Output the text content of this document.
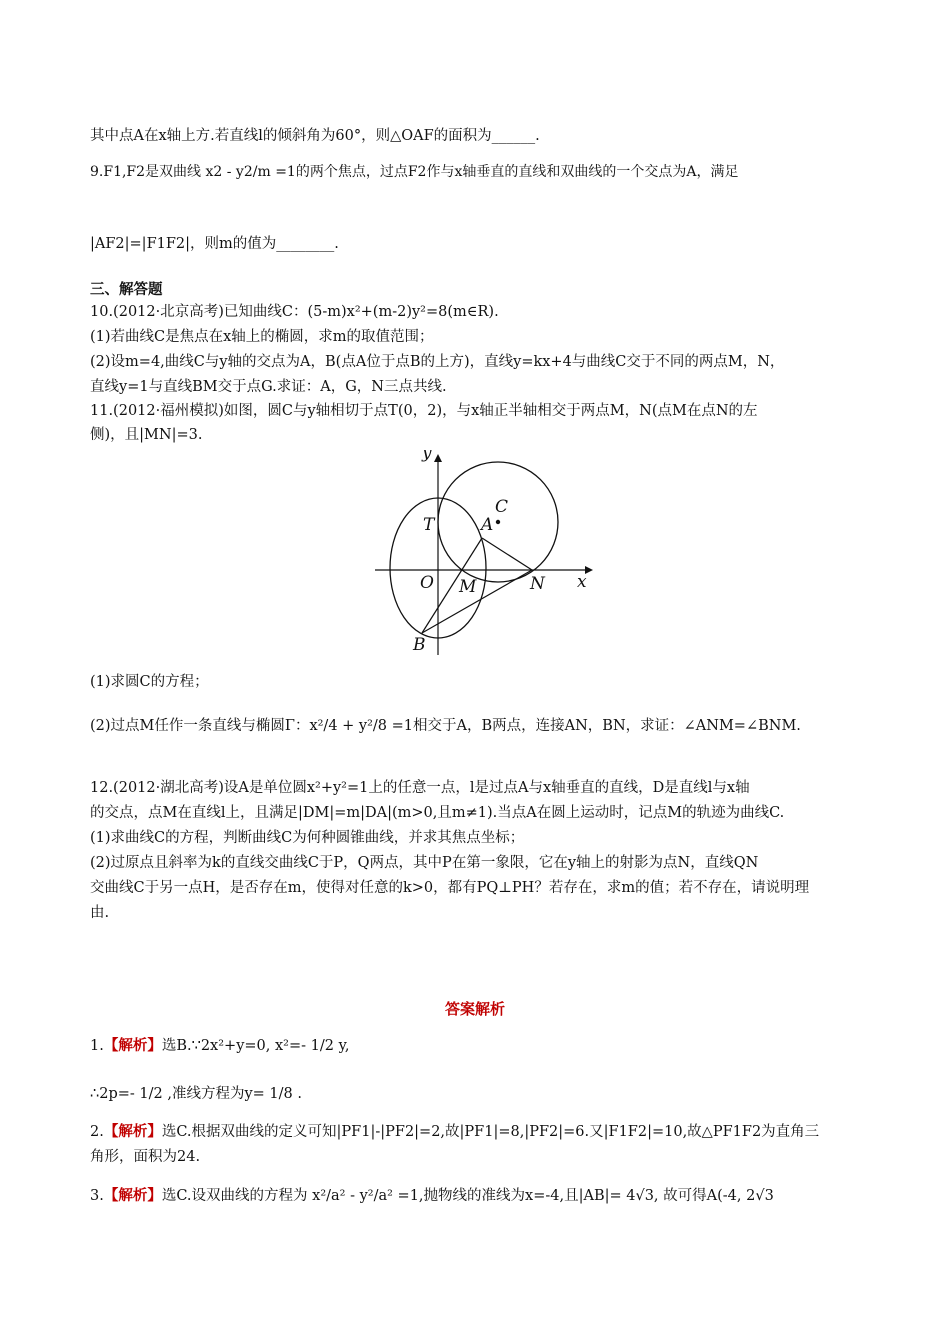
其中点A在x轴上方.若直线l的倾斜角为60°，则△OAF的面积为______.
9.F1,F2是双曲线 x2 - y2/m =1的两个焦点，过点F2作与x轴垂直的直线和双曲线的一个交点为A，满足
|AF2|=|F1F2|，则m的值为________.
三、解答题
10.(2012·北京高考)已知曲线C：(5-m)x²+(m-2)y²=8(m∈R).
(1)若曲线C是焦点在x轴上的椭圆，求m的取值范围；
(2)设m=4,曲线C与y轴的交点为A，B(点A位于点B的上方)，直线y=kx+4与曲线C交于不同的两点M，N，
直线y=1与直线BM交于点G.求证：A，G，N三点共线.
11.(2012·福州模拟)如图，圆C与y轴相切于点T(0，2)，与x轴正半轴相交于两点M，N(点M在点N的左
侧)，且|MN|=3.
y
x
C
T	A
O M	N
B
(1)求圆C的方程；
(2)过点M任作一条直线与椭圆Γ：x²/4 + y²/8 =1相交于A，B两点，连接AN，BN，求证：∠ANM=∠BNM.
12.(2012·湖北高考)设A是单位圆x²+y²=1上的任意一点，l是过点A与x轴垂直的直线，D是直线l与x轴
的交点，点M在直线l上，且满足|DM|=m|DA|(m>0,且m≠1).当点A在圆上运动时，记点M的轨迹为曲线C.
(1)求曲线C的方程，判断曲线C为何种圆锥曲线，并求其焦点坐标；
(2)过原点且斜率为k的直线交曲线C于P，Q两点，其中P在第一象限，它在y轴上的射影为点N，直线QN
交曲线C于另一点H，是否存在m，使得对任意的k>0，都有PQ⊥PH？若存在，求m的值；若不存在，请说明理
由.
答案解析
1.【解析】选B.∵2x²+y=0, x²=- 1/2 y,
∴2p=- 1/2 ,准线方程为y= 1/8 .
2.【解析】选C.根据双曲线的定义可知|PF1|-|PF2|=2,故|PF1|=8,|PF2|=6.又|F1F2|=10,故△PF1F2为直角三
角形，面积为24.
3.【解析】选C.设双曲线的方程为 x²/a² - y²/a² =1,抛物线的准线为x=-4,且|AB|= 4√3, 故可得A(-4, 2√3
